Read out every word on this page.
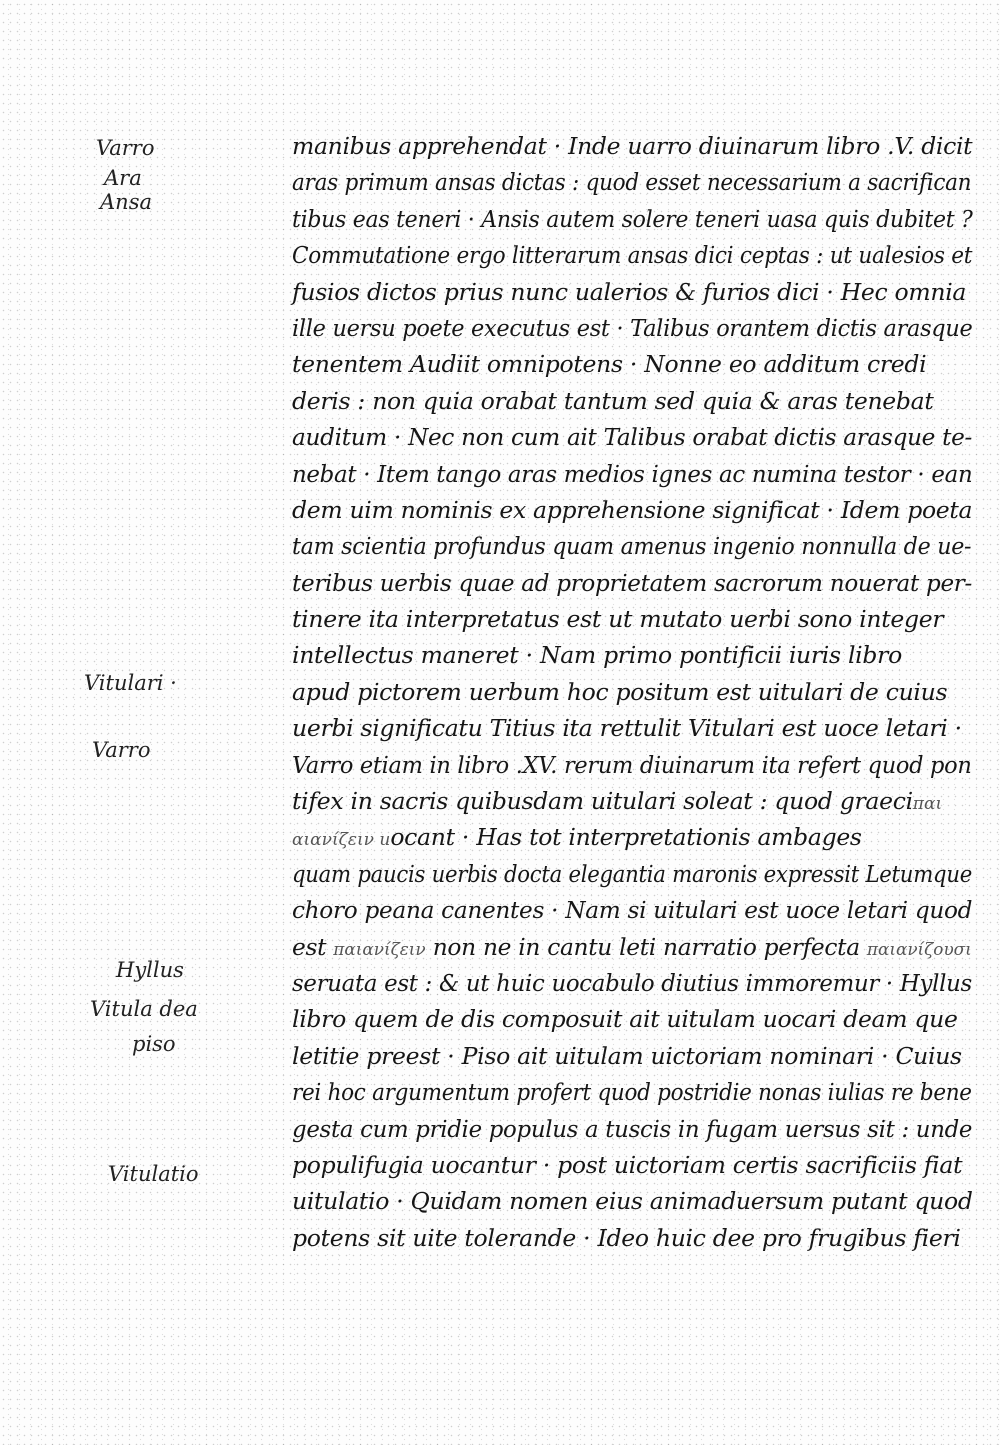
Varro
Ara
Ansa
Vitulari ·
Varro
Hyllus
Vitula dea
piso
Vitulatio
manibus apprehendat · Inde uarro diuinarum libro .V. dicit
aras primum ansas dictas : quod esset necessarium a sacrifican
tibus eas teneri · Ansis autem solere teneri uasa quis dubitet ?
Commutatione ergo litterarum ansas dici ceptas : ut ualesios et
fusios dictos prius nunc ualerios & furios dici · Hec omnia
ille uersu poete executus est · Talibus orantem dictis arasque
tenentem Audiit omnipotens · Nonne eo additum credi
deris : non quia orabat tantum sed quia & aras tenebat
auditum · Nec non cum ait Talibus orabat dictis arasque te-
nebat · Item tango aras medios ignes ac numina testor · ean
dem uim nominis ex apprehensione significat · Idem poeta
tam scientia profundus quam amenus ingenio nonnulla de ue-
teribus uerbis quae ad proprietatem sacrorum nouerat per-
tinere ita interpretatus est ut mutato uerbi sono integer
intellectus maneret · Nam primo pontificii iuris libro
apud pictorem uerbum hoc positum est uitulari de cuius
uerbi significatu Titius ita rettulit Vitulari est uoce letari ·
Varro etiam in libro .XV. rerum diuinarum ita refert quod pon
tifex in sacris quibusdam uitulari soleat : quod graeciπαι
αιανίζειν uocant · Has tot interpretationis ambages
quam paucis uerbis docta elegantia maronis expressit Letumque
choro peana canentes · Nam si uitulari est uoce letari quod
est παιανίζειν non ne in cantu leti narratio perfecta παιανίζουσι
seruata est : & ut huic uocabulo diutius immoremur · Hyllus
libro quem de dis composuit ait uitulam uocari deam que
letitie preest · Piso ait uitulam uictoriam nominari · Cuius
rei hoc argumentum profert quod postridie nonas iulias re bene
gesta cum pridie populus a tuscis in fugam uersus sit : unde
populifugia uocantur · post uictoriam certis sacrificiis fiat
uitulatio · Quidam nomen eius animaduersum putant quod
potens sit uite tolerande · Ideo huic dee pro frugibus fieri
